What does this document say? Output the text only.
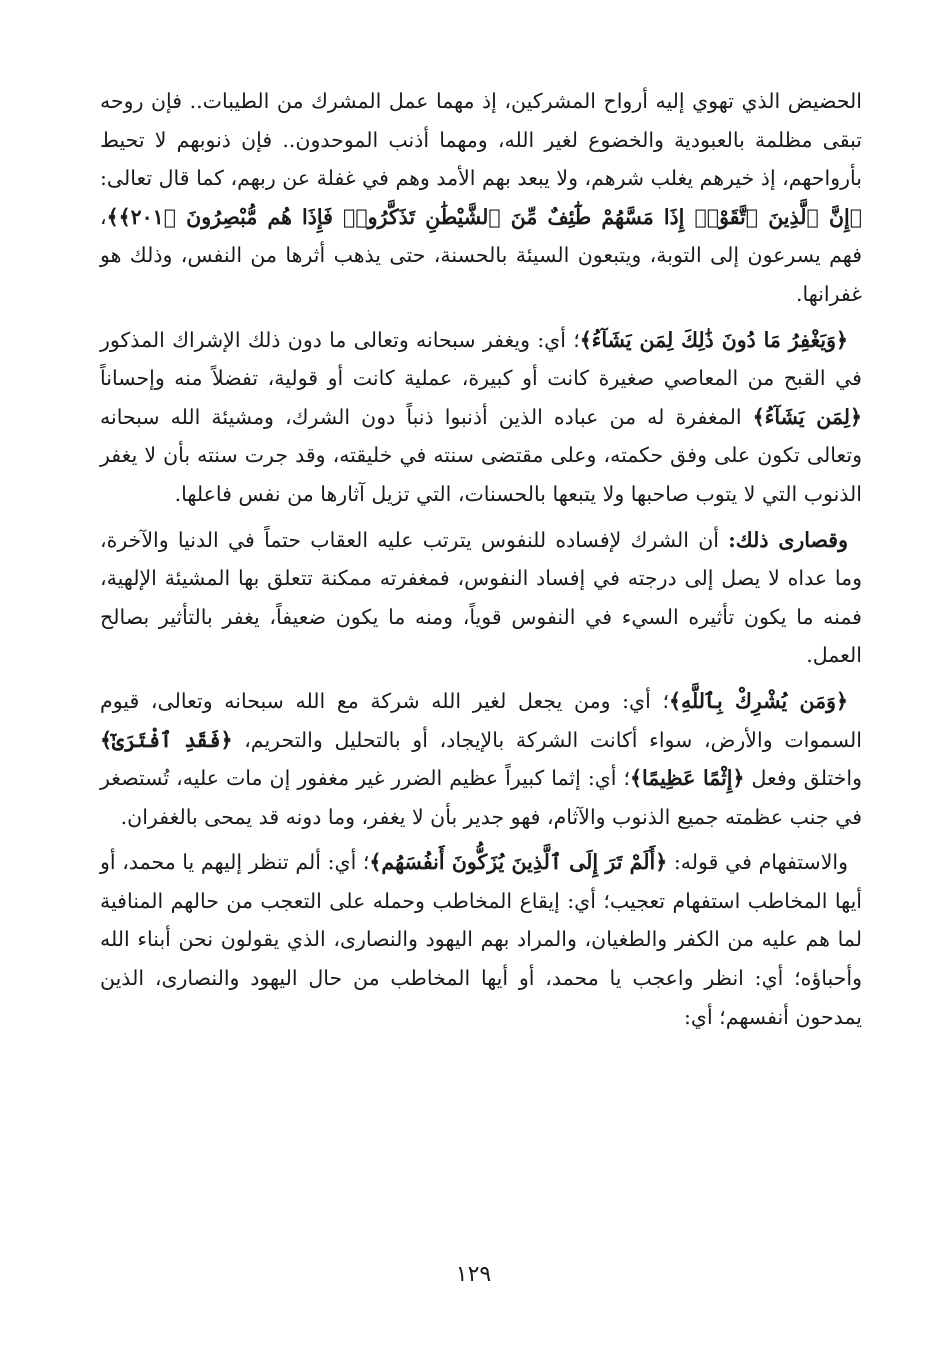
الحضيض الذي تهوي إليه أرواح المشركين، إذ مهما عمل المشرك من الطيبات.. فإن روحه تبقى مظلمة بالعبودية والخضوع لغير الله، ومهما أذنب الموحدون.. فإن ذنوبهم لا تحيط بأرواحهم، إذ خيرهم يغلب شرهم، ولا يبعد بهم الأمد وهم في غفلة عن ربهم، كما قال تعالى: ﴿إِنَّ ٱلَّذِينَ ٱتَّقَوْا۟ إِذَا مَسَّهُمْ طَٰٓئِفٌ مِّنَ ٱلشَّيْطَٰنِ تَذَكَّرُوا۟ فَإِذَا هُم مُّبْصِرُونَ ﴿٢٠١﴾﴾، فهم يسرعون إلى التوبة، ويتبعون السيئة بالحسنة، حتى يذهب أثرها من النفس، وذلك هو غفرانها.

﴿وَيَغْفِرُ مَا دُونَ ذَٰلِكَ لِمَن يَشَآءُ﴾؛ أي: ويغفر سبحانه وتعالى ما دون ذلك الإشراك المذكور في القبح من المعاصي صغيرة كانت أو كبيرة، عملية كانت أو قولية، تفضلاً منه وإحساناً ﴿لِمَن يَشَآءُ﴾ المغفرة له من عباده الذين أذنبوا ذنباً دون الشرك، ومشيئة الله سبحانه وتعالى تكون على وفق حكمته، وعلى مقتضى سنته في خليقته، وقد جرت سنته بأن لا يغفر الذنوب التي لا يتوب صاحبها ولا يتبعها بالحسنات، التي تزيل آثارها من نفس فاعلها.

وقصارى ذلك: أن الشرك لإفساده للنفوس يترتب عليه العقاب حتماً في الدنيا والآخرة، وما عداه لا يصل إلى درجته في إفساد النفوس، فمغفرته ممكنة تتعلق بها المشيئة الإلهية، فمنه ما يكون تأثيره السيء في النفوس قوياً، ومنه ما يكون ضعيفاً، يغفر بالتأثير بصالح العمل.

﴿وَمَن يُشْرِكْ بِٱللَّهِ﴾؛ أي: ومن يجعل لغير الله شركة مع الله سبحانه وتعالى، قيوم السموات والأرض، سواء أكانت الشركة بالإيجاد، أو بالتحليل والتحريم، ﴿فَقَدِ ٱفْتَرَىٰٓ﴾ واختلق وفعل ﴿إِثْمًا عَظِيمًا﴾؛ أي: إثما كبيراً عظيم الضرر غير مغفور إن مات عليه، تُستصغر في جنب عظمته جميع الذنوب والآثام، فهو جدير بأن لا يغفر، وما دونه قد يمحى بالغفران.

والاستفهام في قوله: ﴿أَلَمْ تَرَ إِلَى ٱلَّذِينَ يُزَكُّونَ أَنفُسَهُم﴾؛ أي: ألم تنظر إليهم يا محمد، أو أيها المخاطب استفهام تعجيب؛ أي: إيقاع المخاطب وحمله على التعجب من حالهم المنافية لما هم عليه من الكفر والطغيان، والمراد بهم اليهود والنصارى، الذي يقولون نحن أبناء الله وأحباؤه؛ أي: انظر واعجب يا محمد، أو أيها المخاطب من حال اليهود والنصارى، الذين يمدحون أنفسهم؛ أي:

١٢٩
